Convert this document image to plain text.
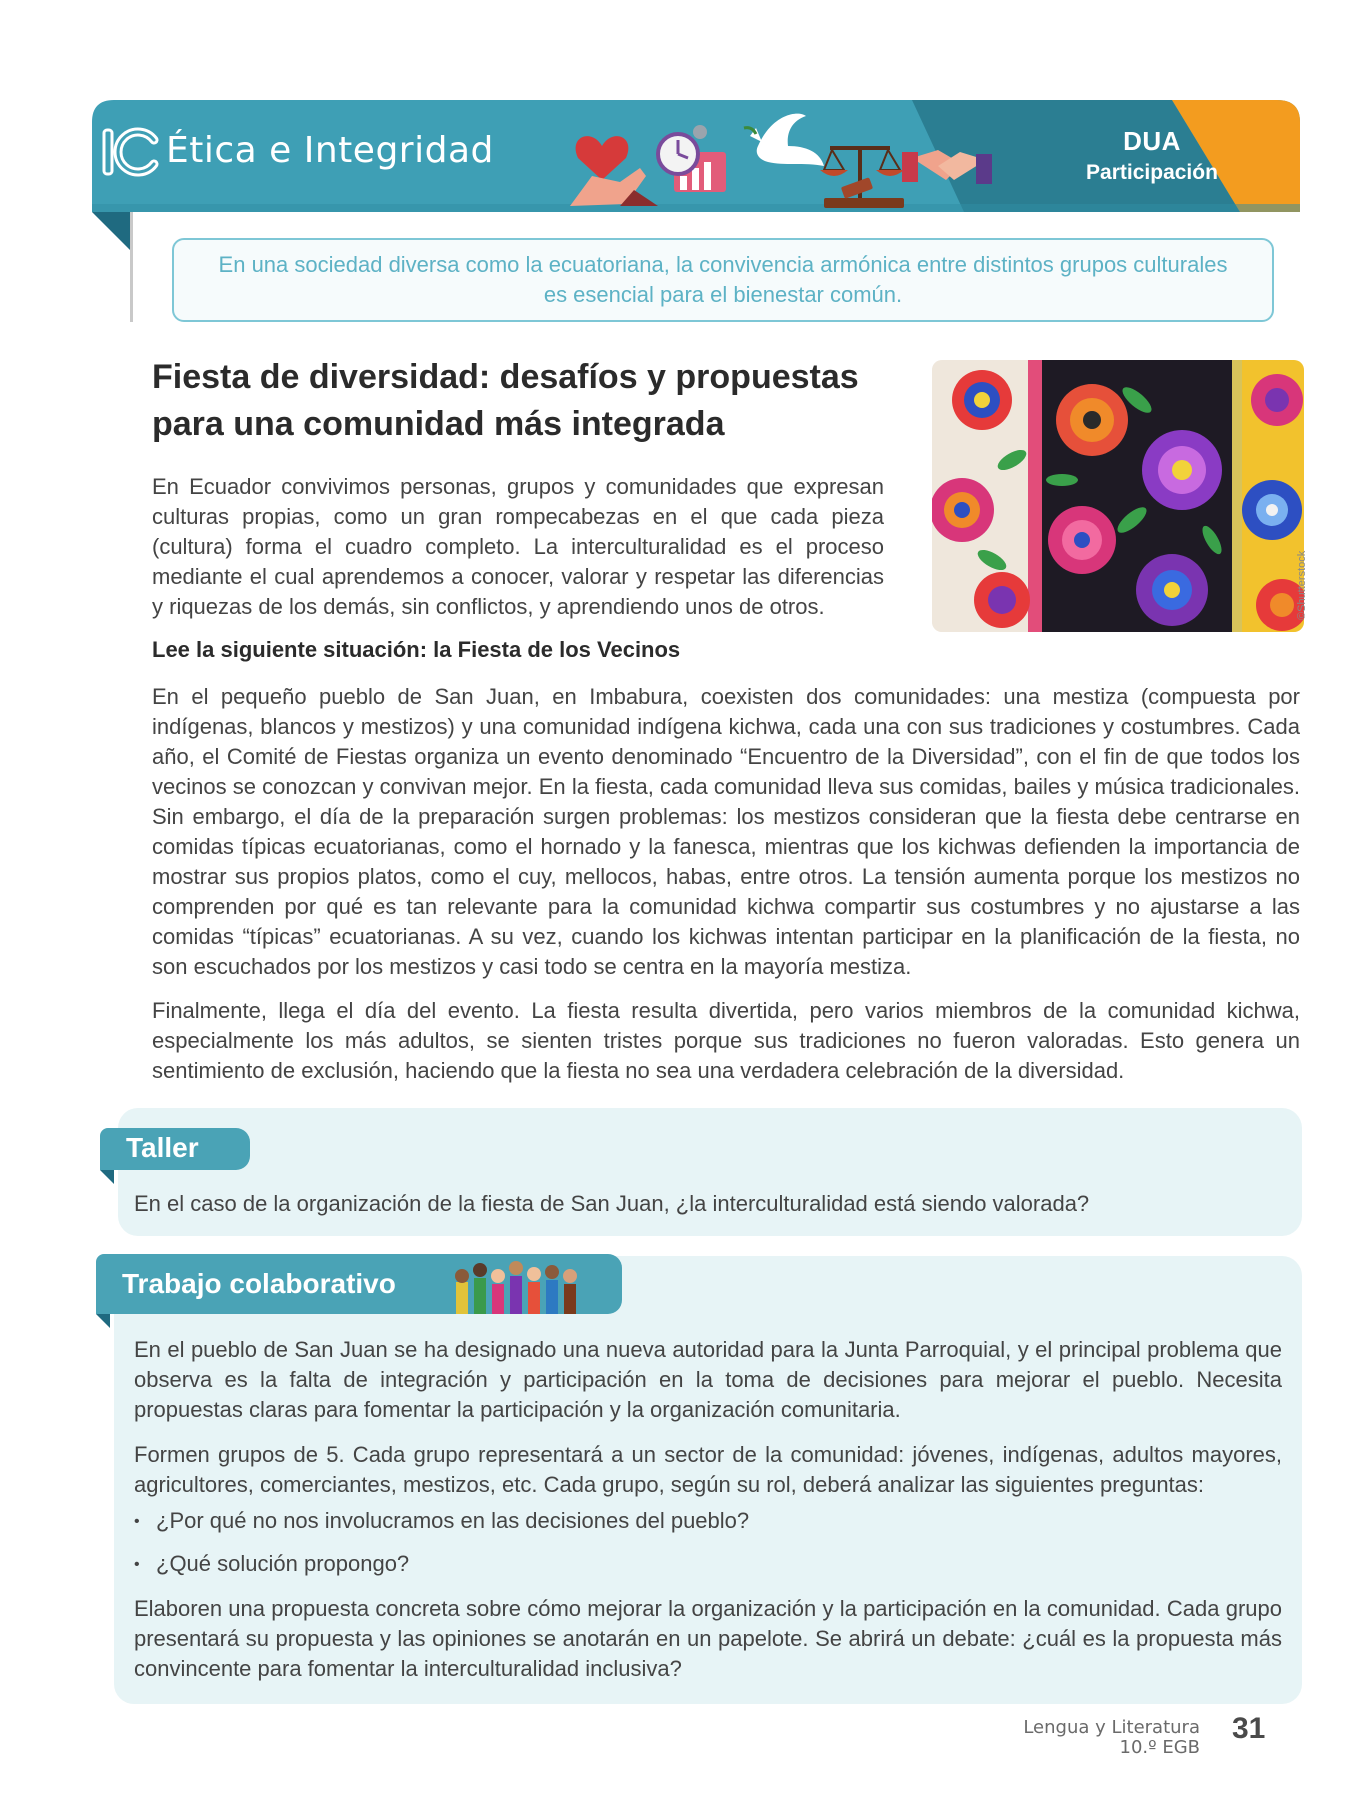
Ética e Integridad	DUA
Participación

En una sociedad diversa como la ecuatoriana, la convivencia armónica entre distintos grupos culturales es esencial para el bienestar común.

Fiesta de diversidad: desafíos y propuestas para una comunidad más integrada

En Ecuador convivimos personas, grupos y comunidades que expresan culturas propias, como un gran rompecabezas en el que cada pieza (cultura) forma el cuadro completo. La interculturalidad es el proceso mediante el cual aprendemos a conocer, valorar y respetar las diferencias y riquezas de los demás, sin conflictos, y aprendiendo unos de otros.	©Shutterstock
Lee la siguiente situación: la Fiesta de los Vecinos

En el pequeño pueblo de San Juan, en Imbabura, coexisten dos comunidades: una mestiza (compuesta por indígenas, blancos y mestizos) y una comunidad indígena kichwa, cada una con sus tradiciones y costumbres. Cada año, el Comité de Fiestas organiza un evento denominado “Encuentro de la Diversidad”, con el fin de que todos los vecinos se conozcan y convivan mejor. En la fiesta, cada comunidad lleva sus comidas, bailes y música tradicionales. Sin embargo, el día de la preparación surgen problemas: los mestizos consideran que la fiesta debe centrarse en comidas típicas ecuatorianas, como el hornado y la fanesca, mientras que los kichwas defienden la importancia de mostrar sus propios platos, como el cuy, mellocos, habas, entre otros. La tensión aumenta porque los mestizos no comprenden por qué es tan relevante para la comunidad kichwa compartir sus costumbres y no ajustarse a las comidas “típicas” ecuatorianas. A su vez, cuando los kichwas intentan participar en la planificación de la fiesta, no son escuchados por los mestizos y casi todo se centra en la mayoría mestiza.

Finalmente, llega el día del evento. La fiesta resulta divertida, pero varios miembros de la comunidad kichwa, especialmente los más adultos, se sienten tristes porque sus tradiciones no fueron valoradas. Esto genera un sentimiento de exclusión, haciendo que la fiesta no sea una verdadera celebración de la diversidad.

Taller
En el caso de la organización de la fiesta de San Juan, ¿la interculturalidad está siendo valorada?
Trabajo colaborativo

En el pueblo de San Juan se ha designado una nueva autoridad para la Junta Parroquial, y el principal problema que observa es la falta de integración y participación en la toma de decisiones para mejorar el pueblo. Necesita propuestas claras para fomentar la participación y la organización comunitaria.

Formen grupos de 5. Cada grupo representará a un sector de la comunidad: jóvenes, indígenas, adultos mayores, agricultores, comerciantes, mestizos, etc. Cada grupo, según su rol, deberá analizar las siguientes preguntas:

• ¿Por qué no nos involucramos en las decisiones del pueblo?
• ¿Qué solución propongo?

Elaboren una propuesta concreta sobre cómo mejorar la organización y la participación en la comunidad. Cada grupo presentará su propuesta y las opiniones se anotarán en un papelote. Se abrirá un debate: ¿cuál es la propuesta más convincente para fomentar la interculturalidad inclusiva?

Lengua y Literatura
10.º EGB
31
